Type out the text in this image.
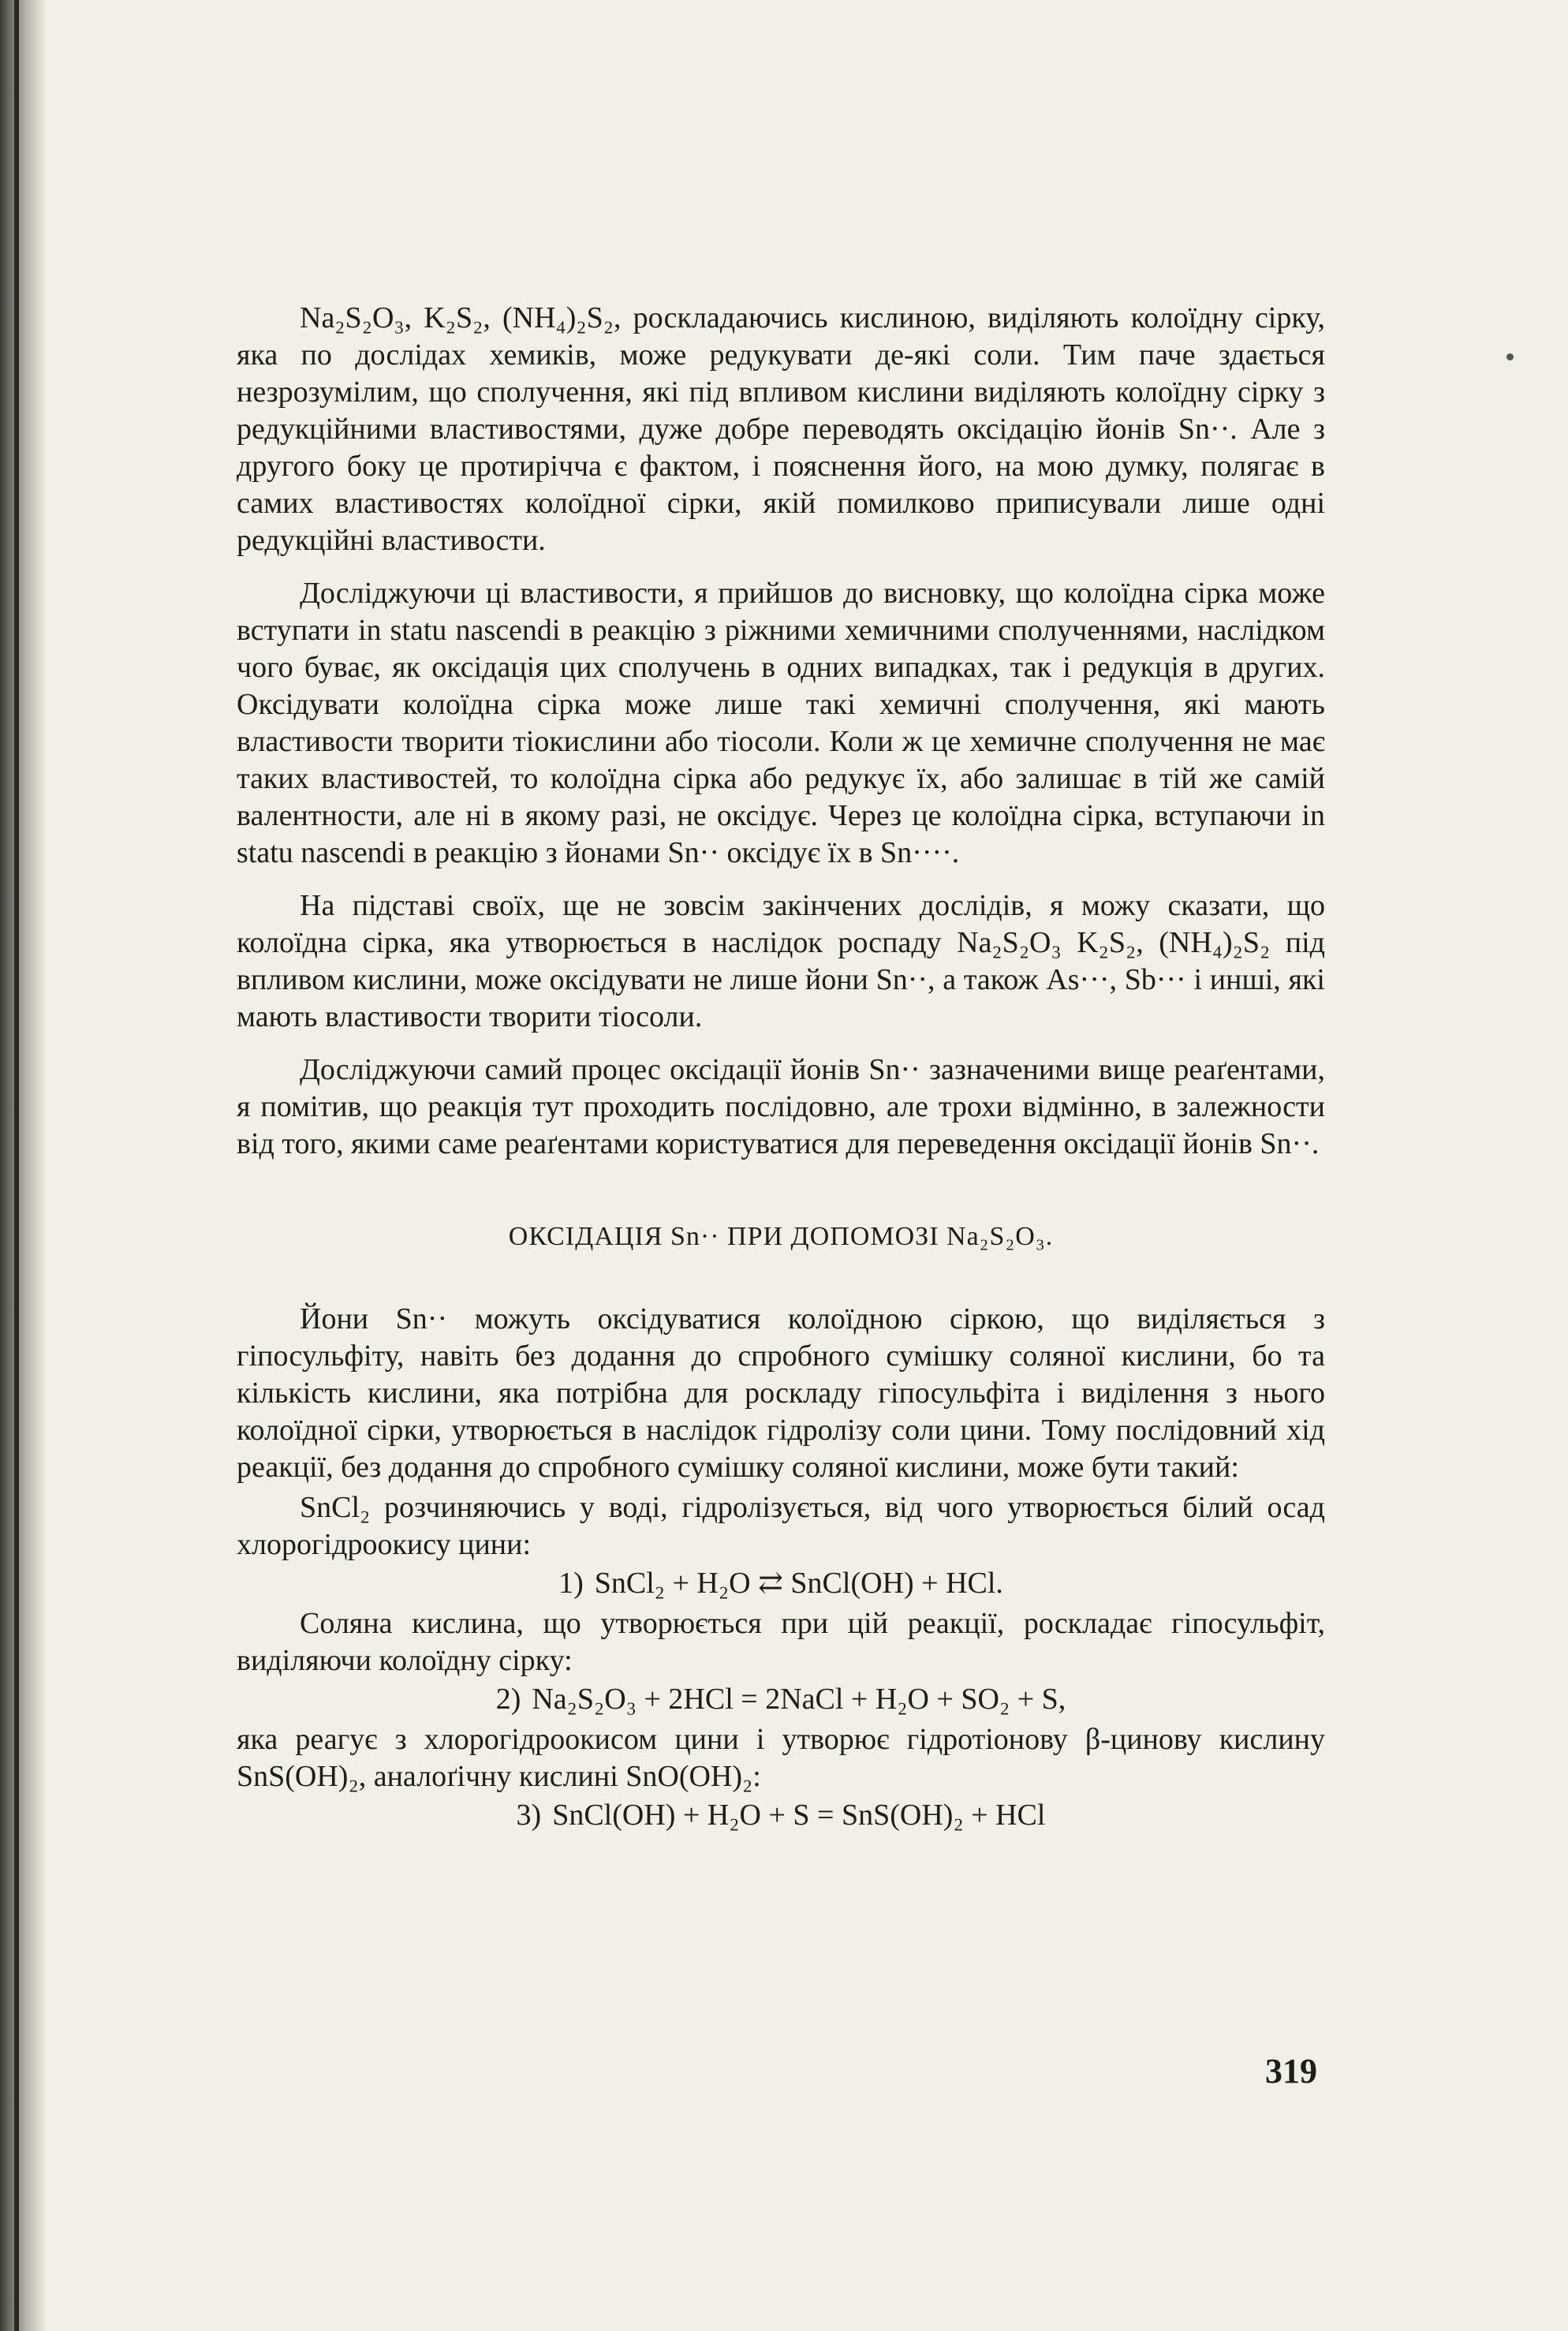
Na₂S₂O₃, K₂S₂, (NH₄)₂S₂, роскладаючись кислиною, виділяють колоїдну сірку, яка по дослідах хемиків, може редукувати де-які соли. Тим паче здається незрозумілим, що сполучення, які під впливом кислини виділяють колоїдну сірку з редукційними властивостями, дуже добре переводять оксідацію йонів Sn··. Але з другого боку це протирічча є фактом, і пояснення його, на мою думку, полягає в самих властивостях колоїдної сірки, якій помилково приписували лише одні редукційні властивости.

Досліджуючи ці властивости, я прийшов до висновку, що колоїдна сірка може вступати in statu nascendi в реакцію з ріжними хемичними сполученнями, наслідком чого буває, як оксідація цих сполучень в одних випадках, так і редукція в других. Оксідувати колоїдна сірка може лише такі хемичні сполучення, які мають властивости творити тіокислини або тіосоли. Коли ж це хемичне сполучення не має таких властивостей, то колоїдна сірка або редукує їх, або залишає в тій же самій валентности, але ні в якому разі, не оксідує. Через це колоїдна сірка, вступаючи in statu nascendi в реакцію з йонами Sn·· оксідує їх в Sn····.

На підставі своїх, ще не зовсім закінчених дослідів, я можу сказати, що колоїдна сірка, яка утворюється в наслідок роспаду Na₂S₂O₃ K₂S₂, (NH₄)₂S₂ під впливом кислини, може оксідувати не лише йони Sn··, а також As···, Sb··· і инші, які мають властивости творити тіосоли.

Досліджуючи самий процес оксідації йонів Sn·· зазначеними вище реаґентами, я помітив, що реакція тут проходить послідовно, але трохи відмінно, в залежности від того, якими саме реаґентами користуватися для переведення оксідації йонів Sn··.

ОКСІДАЦІЯ Sn·· ПРИ ДОПОМОЗІ Na₂S₂O₃.

Йони Sn·· можуть оксідуватися колоїдною сіркою, що виділяється з гіпосульфіту, навіть без додання до спробного сумішку соляної кислини, бо та кількість кислини, яка потрібна для роскладу гіпосульфіта і виділення з нього колоїдної сірки, утворюється в наслідок гідролізу соли цини. Тому послідовний хід реакції, без додання до спробного сумішку соляної кислини, може бути такий:

SnCl₂ розчиняючись у воді, гідролізується, від чого утворюється білий осад хлорогідроокису цини:

1) SnCl₂ + H₂O ⇄ SnCl(OH) + HCl.

Соляна кислина, що утворюється при цій реакції, роскладає гіпосульфіт, виділяючи колоїдну сірку:

2) Na₂S₂O₃ + 2HCl = 2NaCl + H₂O + SO₂ + S,

яка реагує з хлорогідроокисом цини і утворює гідротіонову β-цинову кислину SnS(OH)₂, аналоґічну кислині SnO(OH)₂:

3) SnCl(OH) + H₂O + S = SnS(OH)₂ + HCl
319
